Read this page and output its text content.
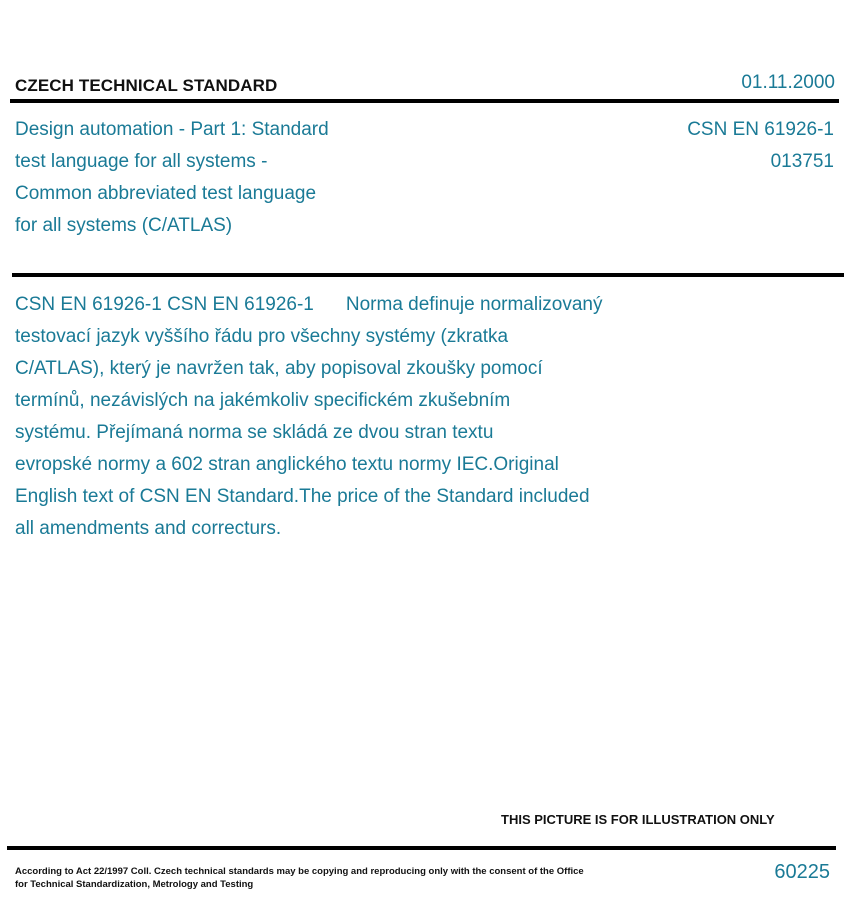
CZECH TECHNICAL STANDARD	01.11.2000
Design automation - Part 1: Standard
test language for all systems -
Common abbreviated test language
for all systems (C/ATLAS)
CSN EN 61926-1
013751
CSN EN 61926-1 CSN EN 61926-1 Norma definuje normalizovaný
testovací jazyk vyššího řádu pro všechny systémy (zkratka
C/ATLAS), který je navržen tak, aby popisoval zkoušky pomocí
termínů, nezávislých na jakémkoliv specifickém zkušebním
systému. Přejímaná norma se skládá ze dvou stran textu
evropské normy a 602 stran anglického textu normy IEC.Original
English text of CSN EN Standard.The price of the Standard included
all amendments and correcturs.
THIS PICTURE IS FOR ILLUSTRATION ONLY
According to Act 22/1997 Coll. Czech technical standards may be copying and reproducing only with the consent of the Office
for Technical Standardization, Metrology and Testing
60225
